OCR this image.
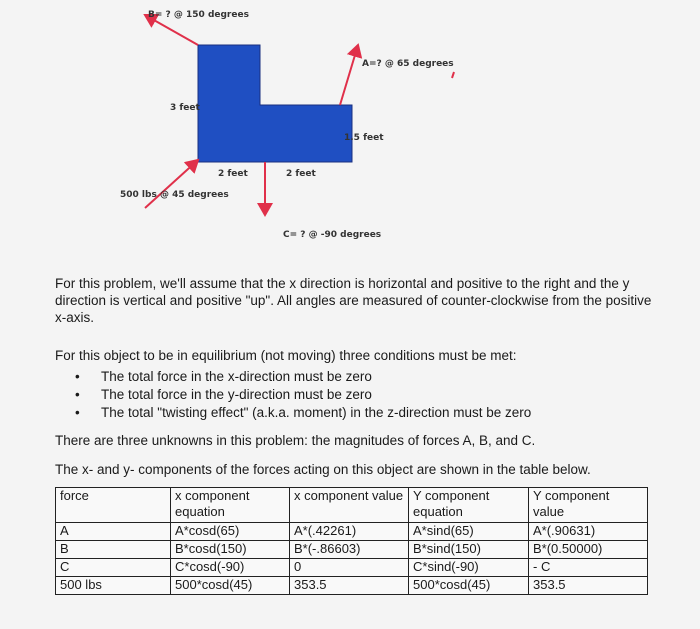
B= ? @ 150 degrees
A=? @ 65 degrees
3 feet
1.5 feet
2 feet	2 feet
500 lbs @ 45 degrees
C= ? @ -90 degrees
For this problem, we'll assume that the x direction is horizontal and positive to the right and the y direction is vertical and positive "up". All angles are measured of counter-clockwise from the positive x-axis.
For this object to be in equilibrium (not moving) three conditions must be met:
• The total force in the x-direction must be zero
• The total force in the y-direction must be zero
• The total "twisting effect" (a.k.a. moment) in the z-direction must be zero
There are three unknowns in this problem: the magnitudes of forces A, B, and C.
The x- and y- components of the forces acting on this object are shown in the table below.
force	x component equation	x component value	Y component equation	Y component value
A	A*cosd(65)	A*(.42261)	A*sind(65)	A*(.90631)
B	B*cosd(150)	B*(-.86603)	B*sind(150)	B*(0.50000)
C	C*cosd(-90)	0	C*sind(-90)	- C
500 lbs	500*cosd(45)	353.5	500*cosd(45)	353.5
